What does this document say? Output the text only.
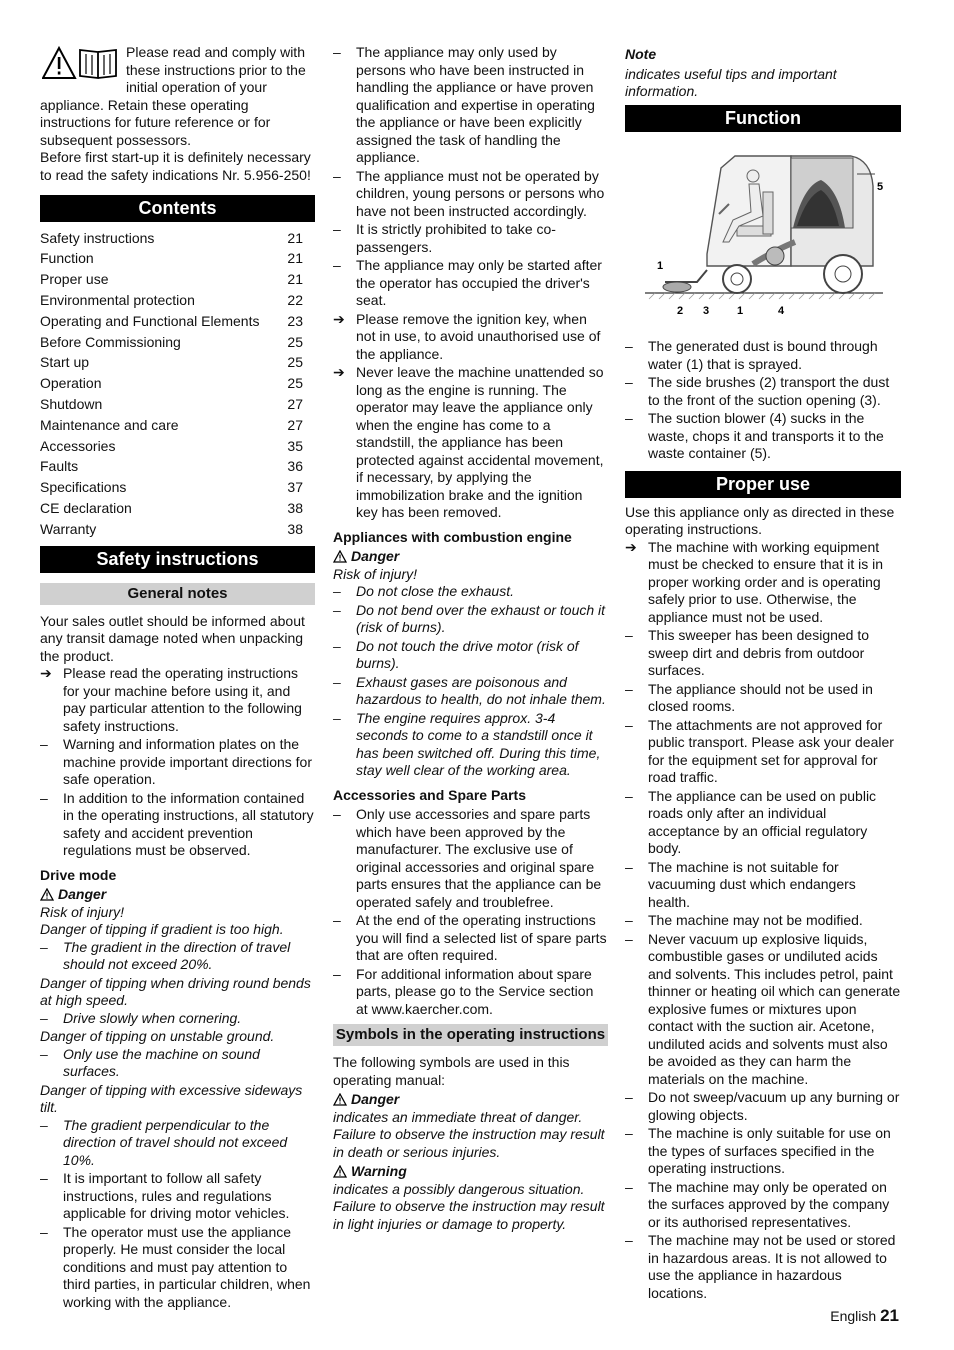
Please read and comply with these instructions prior to the initial operation of your appliance. Retain these operating instructions for future reference or for subsequent possessors.

Before first start-up it is definitely necessary to read the safety indications Nr. 5.956-250!

Contents
Safety instructions	21
Function	21
Proper use	21
Environmental protection	22
Operating and Functional Elements	23
Before Commissioning	25
Start up	25
Operation	25
Shutdown	27
Maintenance and care	27
Accessories	35
Faults	36
Specifications	37
CE declaration	38
Warranty	38
Safety instructions
General notes

Your sales outlet should be informed about any transit damage noted when unpacking the product.

➔ Please read the operating instructions for your machine before using it, and pay particular attention to the following safety instructions.
–	Warning and information plates on the machine provide important directions for safe operation.
–	In addition to the information contained in the operating instructions, all statutory safety and accident prevention regulations must be observed.

Drive mode

Danger

Risk of injury!

Danger of tipping if gradient is too high.

–	The gradient in the direction of travel should not exceed 20%.

Danger of tipping when driving round bends at high speed.

–	Drive slowly when cornering.

Danger of tipping on unstable ground.

–	Only use the machine on sound surfaces.

Danger of tipping with excessive sideways tilt.

–	The gradient perpendicular to the direction of travel should not exceed 10%.
–	It is important to follow all safety instructions, rules and regulations applicable for driving motor vehicles.
–	The operator must use the appliance properly. He must consider the local conditions and must pay attention to third parties, in particular children, when working with the appliance.
–	The appliance may only used by persons who have been instructed in handling the appliance or have proven qualification and expertise in operating the appliance or have been explicitly assigned the task of handling the appliance.
–	The appliance must not be operated by children, young persons or persons who have not been instructed accordingly.
–	It is strictly prohibited to take co-passengers.
–	The appliance may only be started after the operator has occupied the driver's seat.
➔ Please remove the ignition key, when not in use, to avoid unauthorised use of the appliance.
➔ Never leave the machine unattended so long as the engine is running. The operator may leave the appliance only when the engine has come to a standstill, the appliance has been protected against accidental movement, if necessary, by applying the immobilization brake and the ignition key has been removed.

Appliances with combustion engine

Danger

Risk of injury!

–	Do not close the exhaust.
–	Do not bend over the exhaust or touch it (risk of burns).
–	Do not touch the drive motor (risk of burns).
–	Exhaust gases are poisonous and hazardous to health, do not inhale them.
–	The engine requires approx. 3-4 seconds to come to a standstill once it has been switched off. During this time, stay well clear of the working area.

Accessories and Spare Parts

–	Only use accessories and spare parts which have been approved by the manufacturer. The exclusive use of original accessories and original spare parts ensures that the appliance can be operated safely and troublefree.
–	At the end of the operating instructions you will find a selected list of spare parts that are often required.
–	For additional information about spare parts, please go to the Service section at www.kaercher.com.
Symbols in the operating instructions

The following symbols are used in this operating manual:

Danger

indicates an immediate threat of danger. Failure to observe the instruction may result in death or serious injuries.

Warning

indicates a possibly dangerous situation. Failure to observe the instruction may result in light injuries or damage to property.

Note

indicates useful tips and important information.

Function
1
2 3	1	4
5
–	The generated dust is bound through water (1) that is sprayed.
–	The side brushes (2) transport the dust to the front of the suction opening (3).
–	The suction blower (4) sucks in the waste, chops it and transports it to the waste container (5).
Proper use

Use this appliance only as directed in these operating instructions.

➔ The machine with working equipment must be checked to ensure that it is in proper working order and is operating safely prior to use. Otherwise, the appliance must not be used.
–	This sweeper has been designed to sweep dirt and debris from outdoor surfaces.
–	The appliance should not be used in closed rooms.
–	The attachments are not approved for public transport. Please ask your dealer for the equipment set for approval for road traffic.
–	The appliance can be used on public roads only after an individual acceptance by an official regulatory body.
–	The machine is not suitable for vacuuming dust which endangers health.
–	The machine may not be modified.
–	Never vacuum up explosive liquids, combustible gases or undiluted acids and solvents. This includes petrol, paint thinner or heating oil which can generate explosive fumes or mixtures upon contact with the suction air. Acetone, undiluted acids and solvents must also be avoided as they can harm the materials on the machine.
–	Do not sweep/vacuum up any burning or glowing objects.
–	The machine is only suitable for use on the types of surfaces specified in the operating instructions.
–	The machine may only be operated on the surfaces approved by the company or its authorised representatives.
–	The machine may not be used or stored in hazardous areas. It is not allowed to use the appliance in hazardous locations.
English 21
